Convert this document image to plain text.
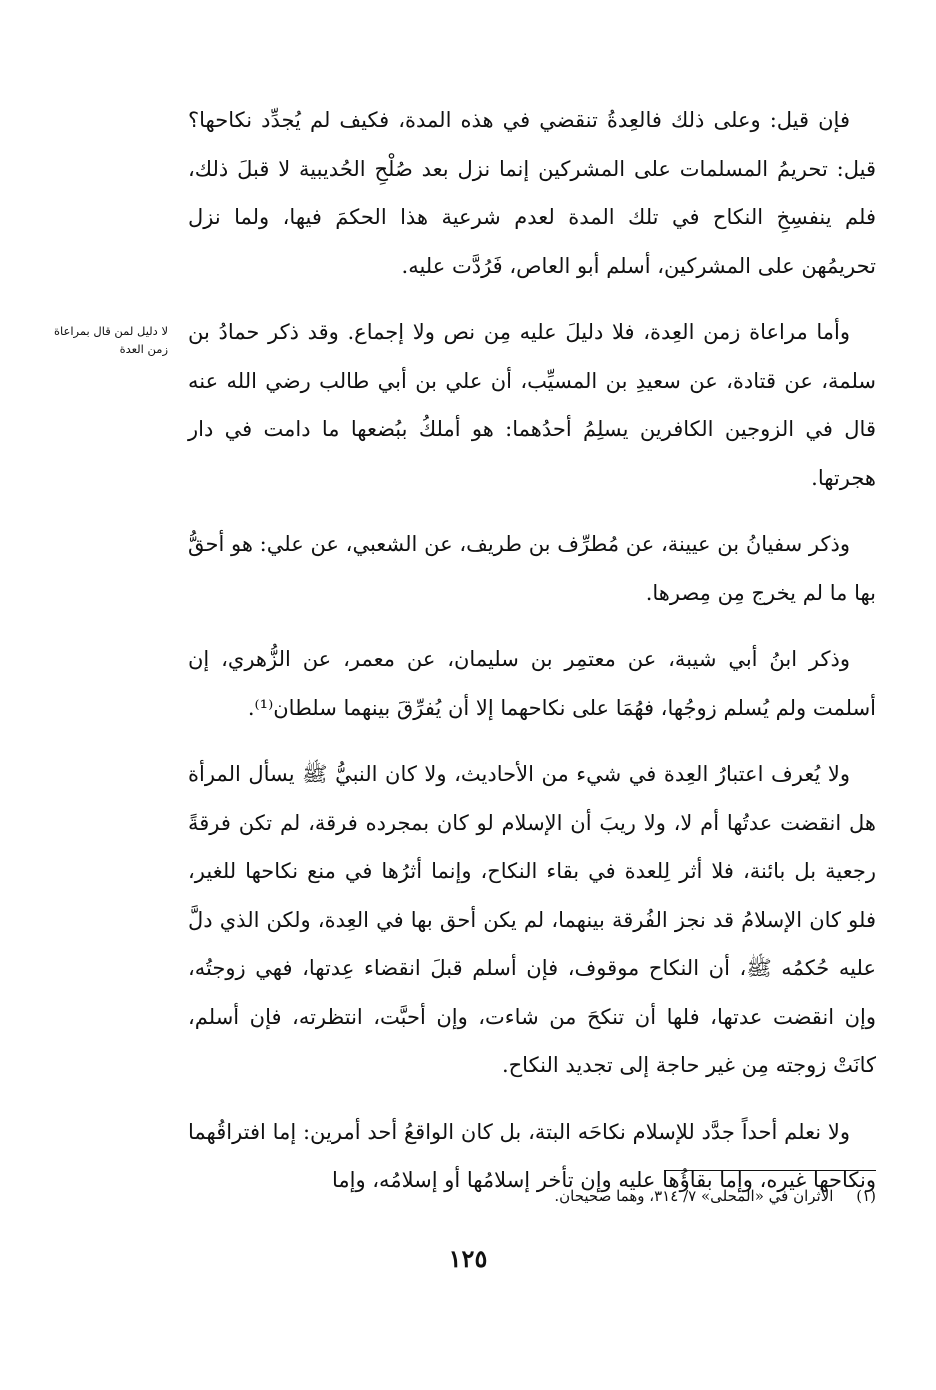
لا دليل لمن قال بمراعاة زمن العدة

فإن قيل: وعلى ذلك فالعِدةُ تنقضي في هذه المدة، فكيف لم يُجدِّد نكاحها؟ قيل: تحريمُ المسلمات على المشركين إنما نزل بعد صُلْحِ الحُديبية لا قبلَ ذلك، فلم ينفسِخِ النكاح في تلك المدة لعدم شرعية هذا الحكمَ فيها، ولما نزل تحريمُهن على المشركين، أسلم أبو العاص، فَرُدَّت عليه.

وأما مراعاة زمن العِدة، فلا دليلَ عليه مِن نص ولا إجماع. وقد ذكر حمادُ بن سلمة، عن قتادة، عن سعيدِ بن المسيِّب، أن علي بن أبي طالب رضي الله عنه قال في الزوجين الكافرين يسلِمُ أحدُهما: هو أملكُ ببُضعها ما دامت في دار هجرتها.

وذكر سفيانُ بن عيينة، عن مُطرِّف بن طريف، عن الشعبي، عن علي: هو أحقُّ بها ما لم يخرج مِن مِصرها.

وذكر ابنُ أبي شيبة، عن معتمِر بن سليمان، عن معمر، عن الزُّهري، إن أسلمت ولم يُسلم زوجُها، فهُمَا على نكاحهما إلا أن يُفرِّقَ بينهما سلطان⁽¹⁾.

ولا يُعرف اعتبارُ العِدة في شيء من الأحاديث، ولا كان النبيُّ ﷺ يسأل المرأة هل انقضت عدتُها أم لا، ولا ريبَ أن الإسلام لو كان بمجرده فرقة، لم تكن فرقةً رجعية بل بائنة، فلا أثر لِلعدة في بقاء النكاح، وإنما أثرُها في منع نكاحها للغير، فلو كان الإسلامُ قد نجز الفُرقة بينهما، لم يكن أحق بها في العِدة، ولكن الذي دلَّ عليه حُكمُه ﷺ، أن النكاح موقوف، فإن أسلم قبلَ انقضاء عِدتها، فهي زوجتُه، وإن انقضت عدتها، فلها أن تنكحَ من شاءت، وإن أحبَّت، انتظرته، فإن أسلم، كانَتْ زوجته مِن غير حاجة إلى تجديد النكاح.

ولا نعلم أحداً جدَّد للإسلام نكاحَه البتة، بل كان الواقعُ أحد أمرين: إما افتراقُهما ونكاحها غيره، وإما بقاؤُها عليه وإن تأخر إسلامُها أو إسلامُه، وإما

(١) الأثران في «المحلى» ٧/ ٣١٤، وهما صحيحان.
١٢٥
